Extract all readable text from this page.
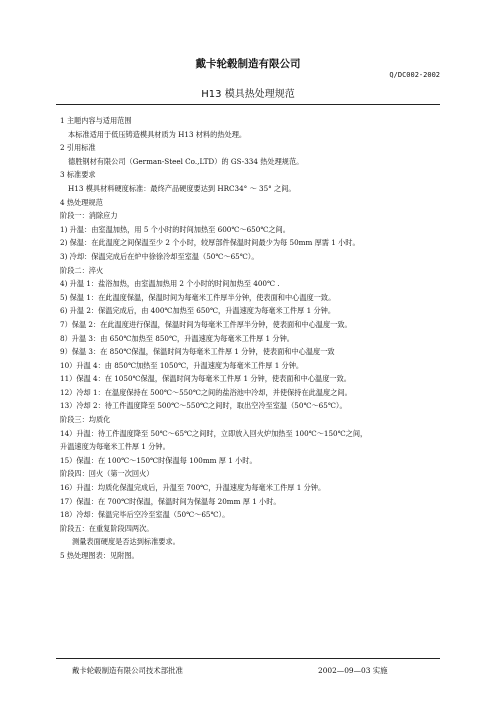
戴卡轮毂制造有限公司
Q/DC002-2002
H13 模具热处理规范
1 主题内容与适用范围
本标准适用于低压铸造模具材质为 H13 材料的热处理。
2 引用标准
德胜钢材有限公司（German-Steel Co.,LTD）的 GS-334 热处理规范。
3 标准要求
H13 模具材料硬度标准：最终产品硬度要达到 HRC34° ～ 35° 之间。
4 热处理规范
阶段一：消除应力
1) 升温：由室温加热，用 5 个小时的时间加热至 600℃～650℃之间。
2) 保温：在此温度之间保温至少 2 个小时，较厚部件保温时间最少为每 50mm 厚需 1 小时。
3) 冷却：保温完成后在炉中徐徐冷却至室温（50℃～65℃）。
阶段二：淬火
4) 升温 1：盐浴加热，由室温加热用 2 个小时的时间加热至 400℃ .
5) 保温 1：在此温度保温，保温时间为每毫米工件厚半分钟，使表面和中心温度一致。
6) 升温 2：保温完成后，由 400℃加热至 650℃，升温速度为每毫米工件厚 1 分钟。
7）保温 2：在此温度进行保温，保温时间为每毫米工件厚半分钟，使表面和中心温度一致。
8）升温 3：由 650℃加热至 850℃，升温速度为每毫米工件厚 1 分钟。
9）保温 3：在 850℃保温，保温时间为每毫米工件厚 1 分钟，使表面和中心温度一致
10）升温 4：由 850℃加热至 1050℃，升温速度为每毫米工件厚 1 分钟。
11）保温 4：在 1050℃保温，保温时间为每毫米工件厚 1 分钟，使表面和中心温度一致。
12）冷却 1：在温度保持在 500℃～550℃之间的盐浴池中冷却，并使保持在此温度之间。
13）冷却 2：待工件温度降至 500℃～550℃之间时，取出空冷至室温（50℃～65℃）。
阶段三：均质化
14）升温：待工件温度降至 50℃～65℃之间时，立即放入回火炉加热至 100℃～150℃之间，
升温速度为每毫米工件厚 1 分钟。
15）保温：在 100℃～150℃时保温每 100mm 厚 1 小时。
阶段四：回火（第一次回火）
16）升温：均质化保温完成后，升温至 700℃，升温速度为每毫米工件厚 1 分钟。
17）保温：在 700℃时保温，保温时间为保温每 20mm 厚 1 小时。
18）冷却：保温完毕后空冷至室温（50℃～65℃）。
阶段五：在重复阶段四两次。
测量表面硬度是否达到标准要求。
5 热处理图表：见附图。
戴卡轮毂制造有限公司技术部批准	2002—09—03 实施
